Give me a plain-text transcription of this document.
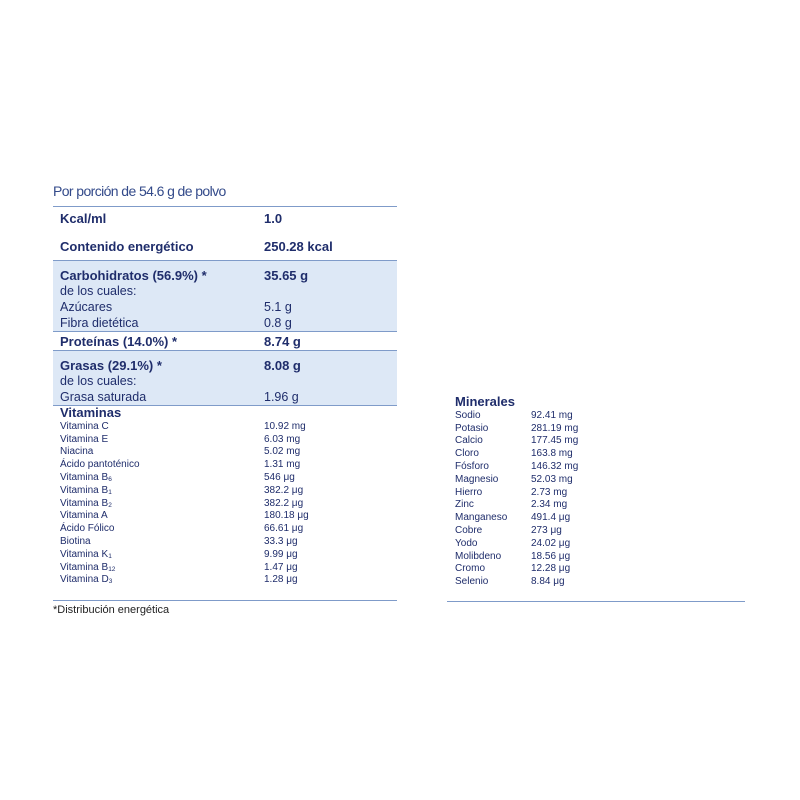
Por porción de 54.6 g de polvo
Kcal/ml	1.0
Contenido energético	250.28 kcal
Carbohidratos (56.9%) *	35.65 g
de los cuales:
Azúcares	5.1 g
Fibra dietética	0.8 g
Proteínas (14.0%) *	8.74 g
Grasas (29.1%) *	8.08 g
de los cuales:
Grasa saturada	1.96 g
Vitaminas
Vitamina C	10.92 mg
Vitamina E	6.03 mg
Niacina	5.02 mg
Ácido pantoténico	1.31 mg
Vitamina $B_6$	546 μg
Vitamina $B_1$	382.2 μg
Vitamina $B_2$	382.2 μg
Vitamina A	180.18 μg
Ácido Fólico	66.61 μg
Biotina	33.3 μg
Vitamina $K_1$	9.99 μg
Vitamina $B_{12}$	1.47 μg
Vitamina $D_3$	1.28 μg
*Distribución energética
Minerales
Sodio	92.41 mg
Potasio	281.19 mg
Calcio	177.45 mg
Cloro	163.8 mg
Fósforo	146.32 mg
Magnesio	52.03 mg
Hierro	2.73 mg
Zinc	2.34 mg
Manganeso	491.4 μg
Cobre	273 μg
Yodo	24.02 μg
Molibdeno	18.56 μg
Cromo	12.28 μg
Selenio	8.84 μg
